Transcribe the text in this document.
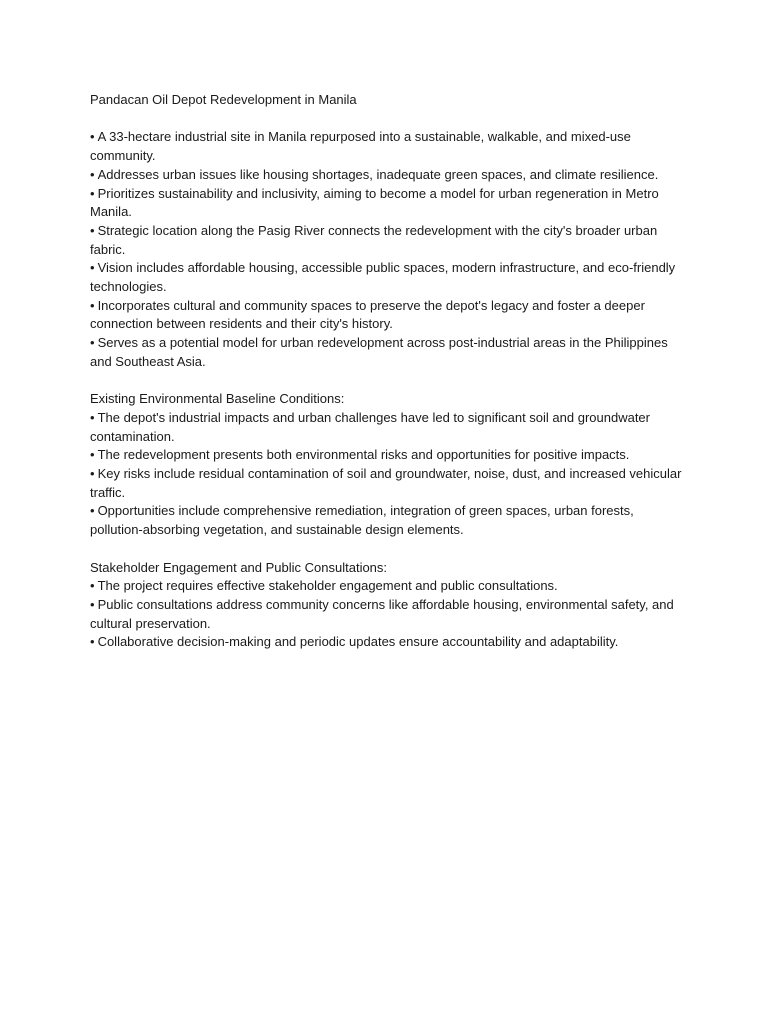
Pandacan Oil Depot Redevelopment in Manila

• A 33-hectare industrial site in Manila repurposed into a sustainable, walkable, and mixed-use community.
• Addresses urban issues like housing shortages, inadequate green spaces, and climate resilience.
• Prioritizes sustainability and inclusivity, aiming to become a model for urban regeneration in Metro Manila.
• Strategic location along the Pasig River connects the redevelopment with the city's broader urban fabric.
• Vision includes affordable housing, accessible public spaces, modern infrastructure, and eco-friendly technologies.
• Incorporates cultural and community spaces to preserve the depot's legacy and foster a deeper connection between residents and their city's history.
• Serves as a potential model for urban redevelopment across post-industrial areas in the Philippines and Southeast Asia.

Existing Environmental Baseline Conditions:

• The depot's industrial impacts and urban challenges have led to significant soil and groundwater contamination.
• The redevelopment presents both environmental risks and opportunities for positive impacts.
• Key risks include residual contamination of soil and groundwater, noise, dust, and increased vehicular traffic.
• Opportunities include comprehensive remediation, integration of green spaces, urban forests, pollution-absorbing vegetation, and sustainable design elements.

Stakeholder Engagement and Public Consultations:

• The project requires effective stakeholder engagement and public consultations.
• Public consultations address community concerns like affordable housing, environmental safety, and cultural preservation.
• Collaborative decision-making and periodic updates ensure accountability and adaptability.
